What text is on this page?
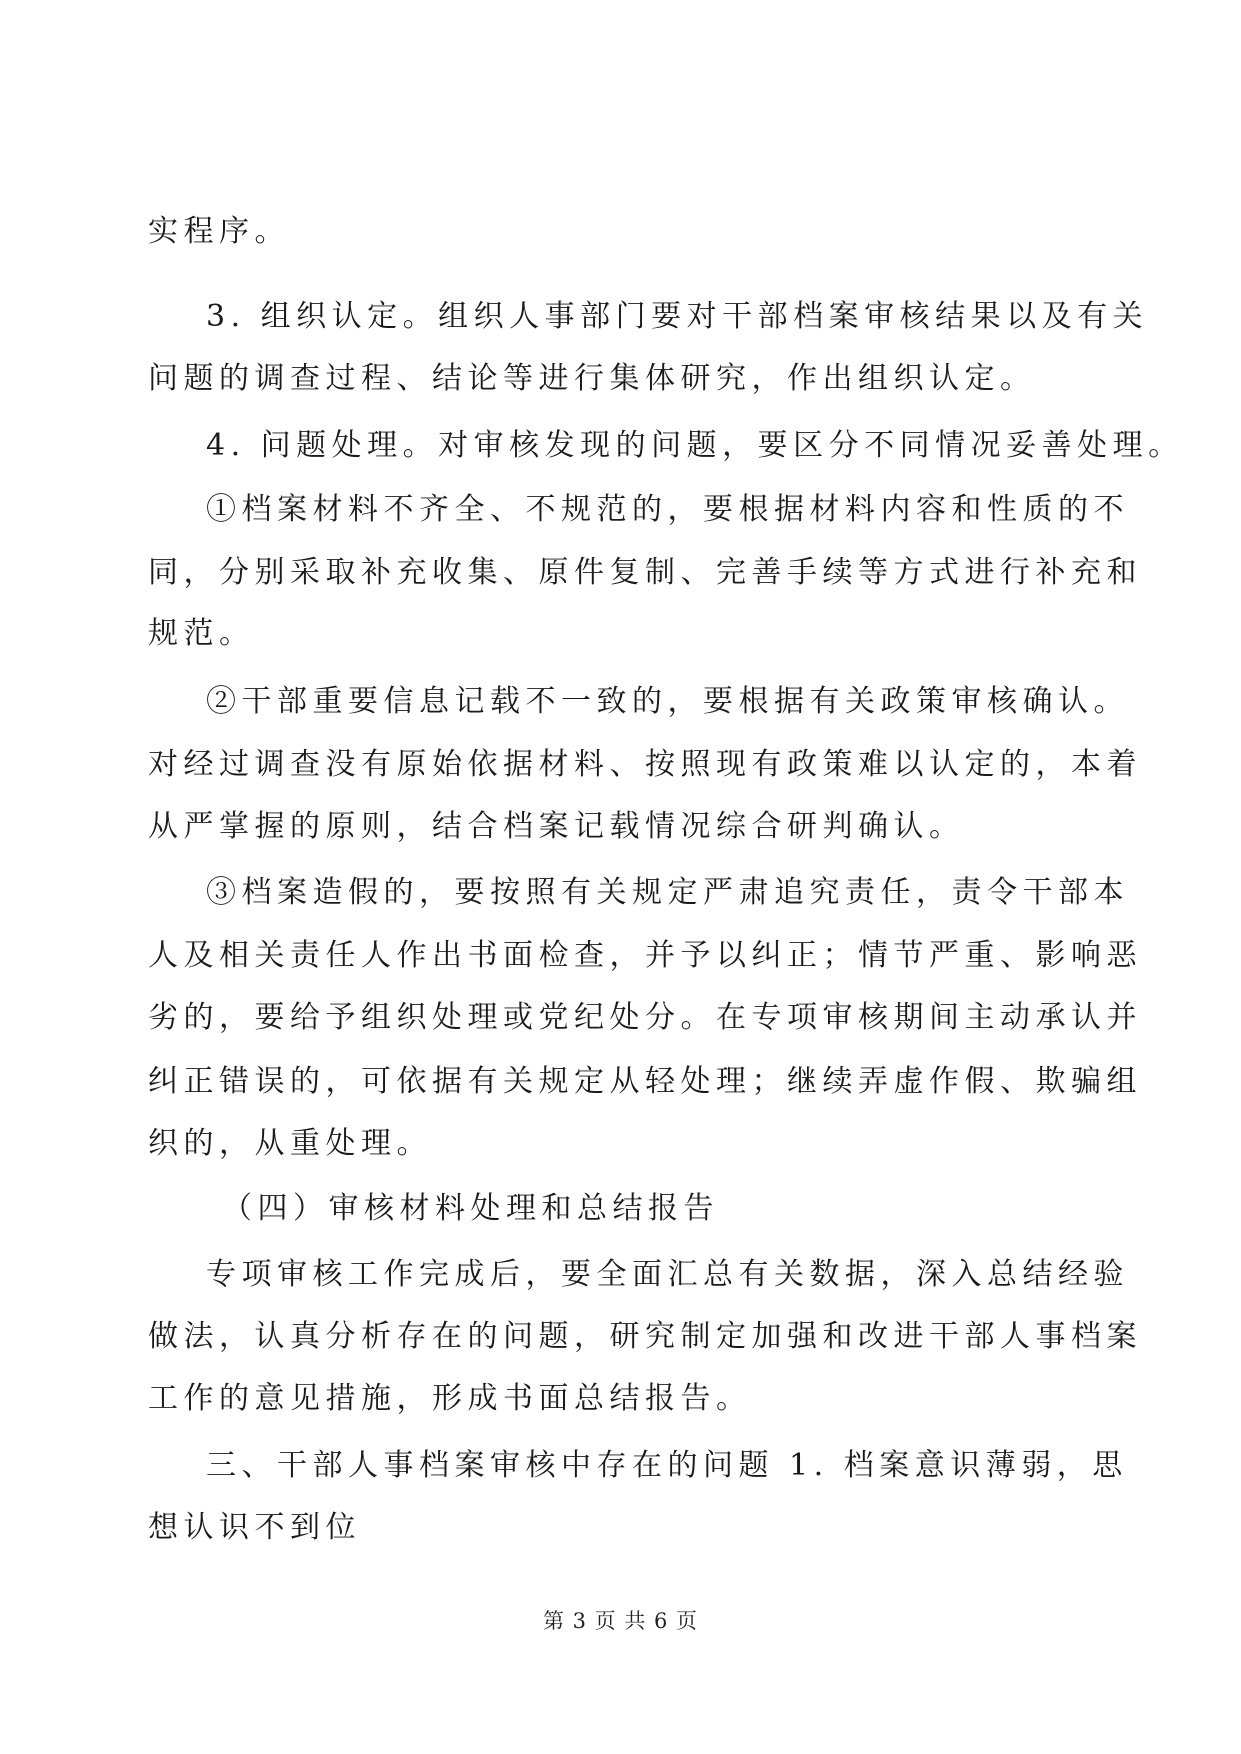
实程序。

3. 组织认定。组织人事部门要对干部档案审核结果以及有关

问题的调查过程、结论等进行集体研究，作出组织认定。

4. 问题处理。对审核发现的问题，要区分不同情况妥善处理。

①档案材料不齐全、不规范的，要根据材料内容和性质的不

同，分别采取补充收集、原件复制、完善手续等方式进行补充和

规范。

②干部重要信息记载不一致的，要根据有关政策审核确认。

对经过调查没有原始依据材料、按照现有政策难以认定的，本着

从严掌握的原则，结合档案记载情况综合研判确认。

③档案造假的，要按照有关规定严肃追究责任，责令干部本

人及相关责任人作出书面检查，并予以纠正；情节严重、影响恶

劣的，要给予组织处理或党纪处分。在专项审核期间主动承认并

纠正错误的，可依据有关规定从轻处理；继续弄虚作假、欺骗组

织的，从重处理。

（四）审核材料处理和总结报告

专项审核工作完成后，要全面汇总有关数据，深入总结经验

做法，认真分析存在的问题，研究制定加强和改进干部人事档案

工作的意见措施，形成书面总结报告。

三、干部人事档案审核中存在的问题 1. 档案意识薄弱，思

想认识不到位

第 3 页 共 6 页
